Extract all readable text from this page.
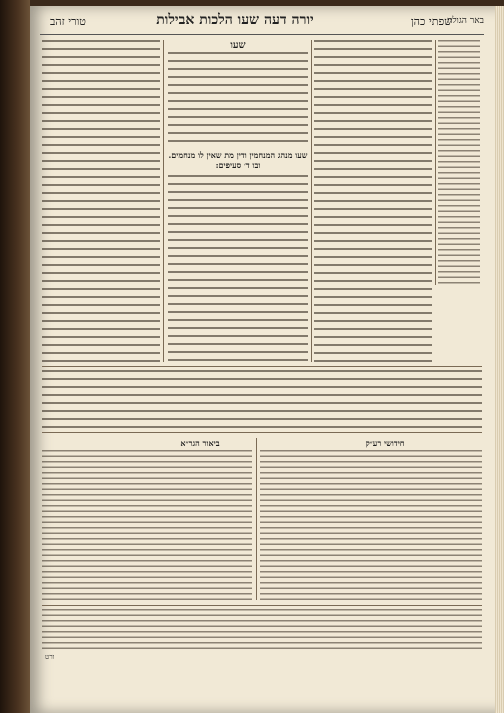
טורי זהב	יורה דעה שעו הלכות אבילות	שפתי כהן
באר הגולה
שעו
שעו מנהג המנחמין ודין מת שאין לו מנחמים. ובו ד׳ סעיפים:
ביאור הגר״א	חידושי רע״ק
ורט
